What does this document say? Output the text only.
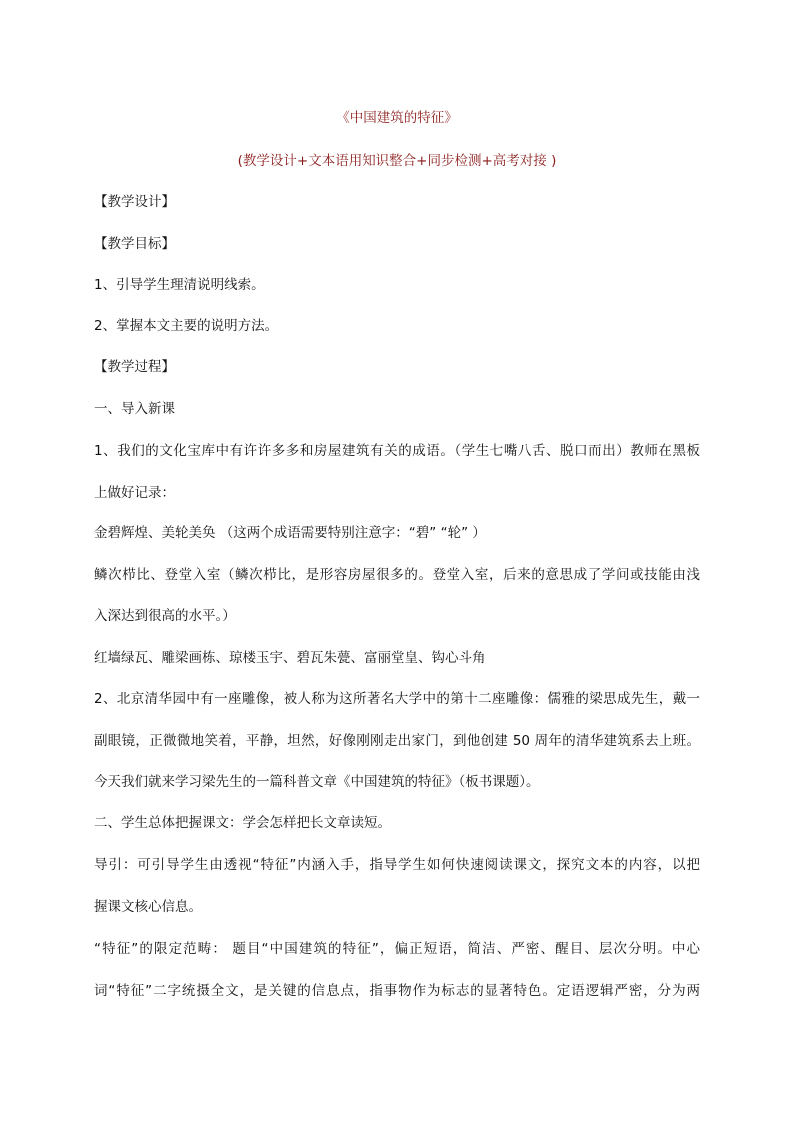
《中国建筑的特征》
(教学设计+文本语用知识整合+同步检测+高考对接 )
【教学设计】
【教学目标】
1、引导学生理清说明线索。
2、掌握本文主要的说明方法。
【教学过程】
一、导入新课
1、我们的文化宝库中有许许多多和房屋建筑有关的成语。（学生七嘴八舌、脱口而出）教师在黑板
上做好记录：
金碧辉煌、美轮美奂 （这两个成语需要特别注意字：“碧” “轮” ）
鳞次栉比、登堂入室（鳞次栉比，是形容房屋很多的。登堂入室，后来的意思成了学问或技能由浅
入深达到很高的水平。）
红墙绿瓦、雕梁画栋、琼楼玉宇、碧瓦朱甍、富丽堂皇、钩心斗角
2、北京清华园中有一座雕像，被人称为这所著名大学中的第十二座雕像：儒雅的梁思成先生，戴一
副眼镜，正微微地笑着，平静，坦然，好像刚刚走出家门，到他创建 50 周年的清华建筑系去上班。
今天我们就来学习梁先生的一篇科普文章《中国建筑的特征》（板书课题）。
二、学生总体把握课文：学会怎样把长文章读短。
导引：可引导学生由透视“特征”内涵入手，指导学生如何快速阅读课文，探究文本的内容，以把
握课文核心信息。
“特征”的限定范畴： 题目“中国建筑的特征”，偏正短语，简洁、严密、醒目、层次分明。中心
词“特征”二字统摄全文，是关键的信息点，指事物作为标志的显著特色。定语逻辑严密，分为两
